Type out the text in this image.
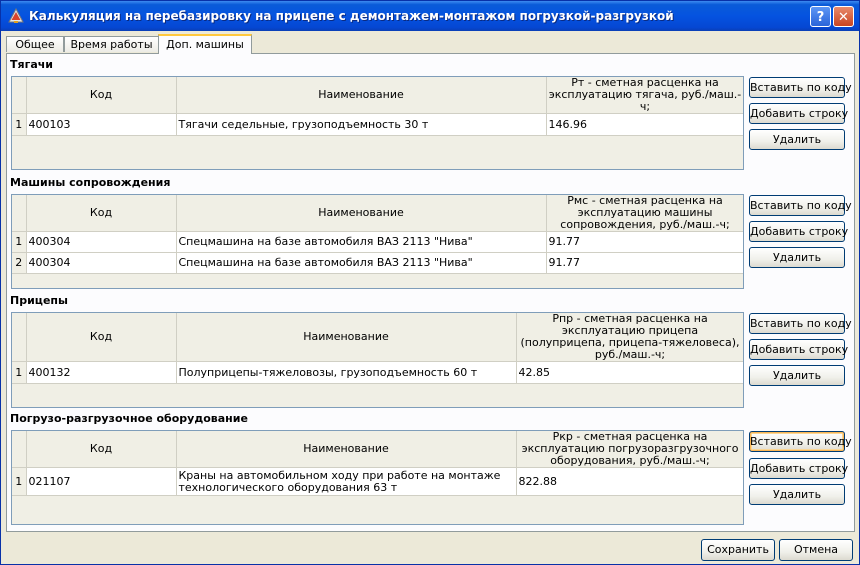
Калькуляция на перебазировку на прицепе с демонтажем-монтажом погрузкой-разгрузкой	?	✕
Общее	Время работы	Доп. машины
Тягачи
	Код	Наименование	Рт - сметная расценка на эксплуатацию тягача, руб./маш.-ч;
1	400103	Тягачи седельные, грузоподъемность 30 т	146.96
Вставить по коду
Добавить строку
Удалить
Машины сопровождения
	Код	Наименование	Рмс - сметная расценка на эксплуатацию машины сопровождения, руб./маш.-ч;
1	400304	Спецмашина на базе автомобиля ВАЗ 2113 "Нива"	91.77
2	400304	Спецмашина на базе автомобиля ВАЗ 2113 "Нива"	91.77
Вставить по коду
Добавить строку
Удалить
Прицепы
	Код	Наименование	Рпр - сметная расценка на эксплуатацию прицепа (полуприцепа, прицепа-тяжеловеса), руб./маш.-ч;
1	400132	Полуприцепы-тяжеловозы, грузоподъемность 60 т	42.85
Вставить по коду
Добавить строку
Удалить
Погрузо-разгрузочное оборудование
	Код	Наименование	Ркр - сметная расценка на эксплуатацию погрузоразгрузочного оборудования, руб./маш.-ч;
1	021107	Краны на автомобильном ходу при работе на монтаже технологического оборудования 63 т	822.88
Вставить по коду
Добавить строку
Удалить
Сохранить	Отмена
